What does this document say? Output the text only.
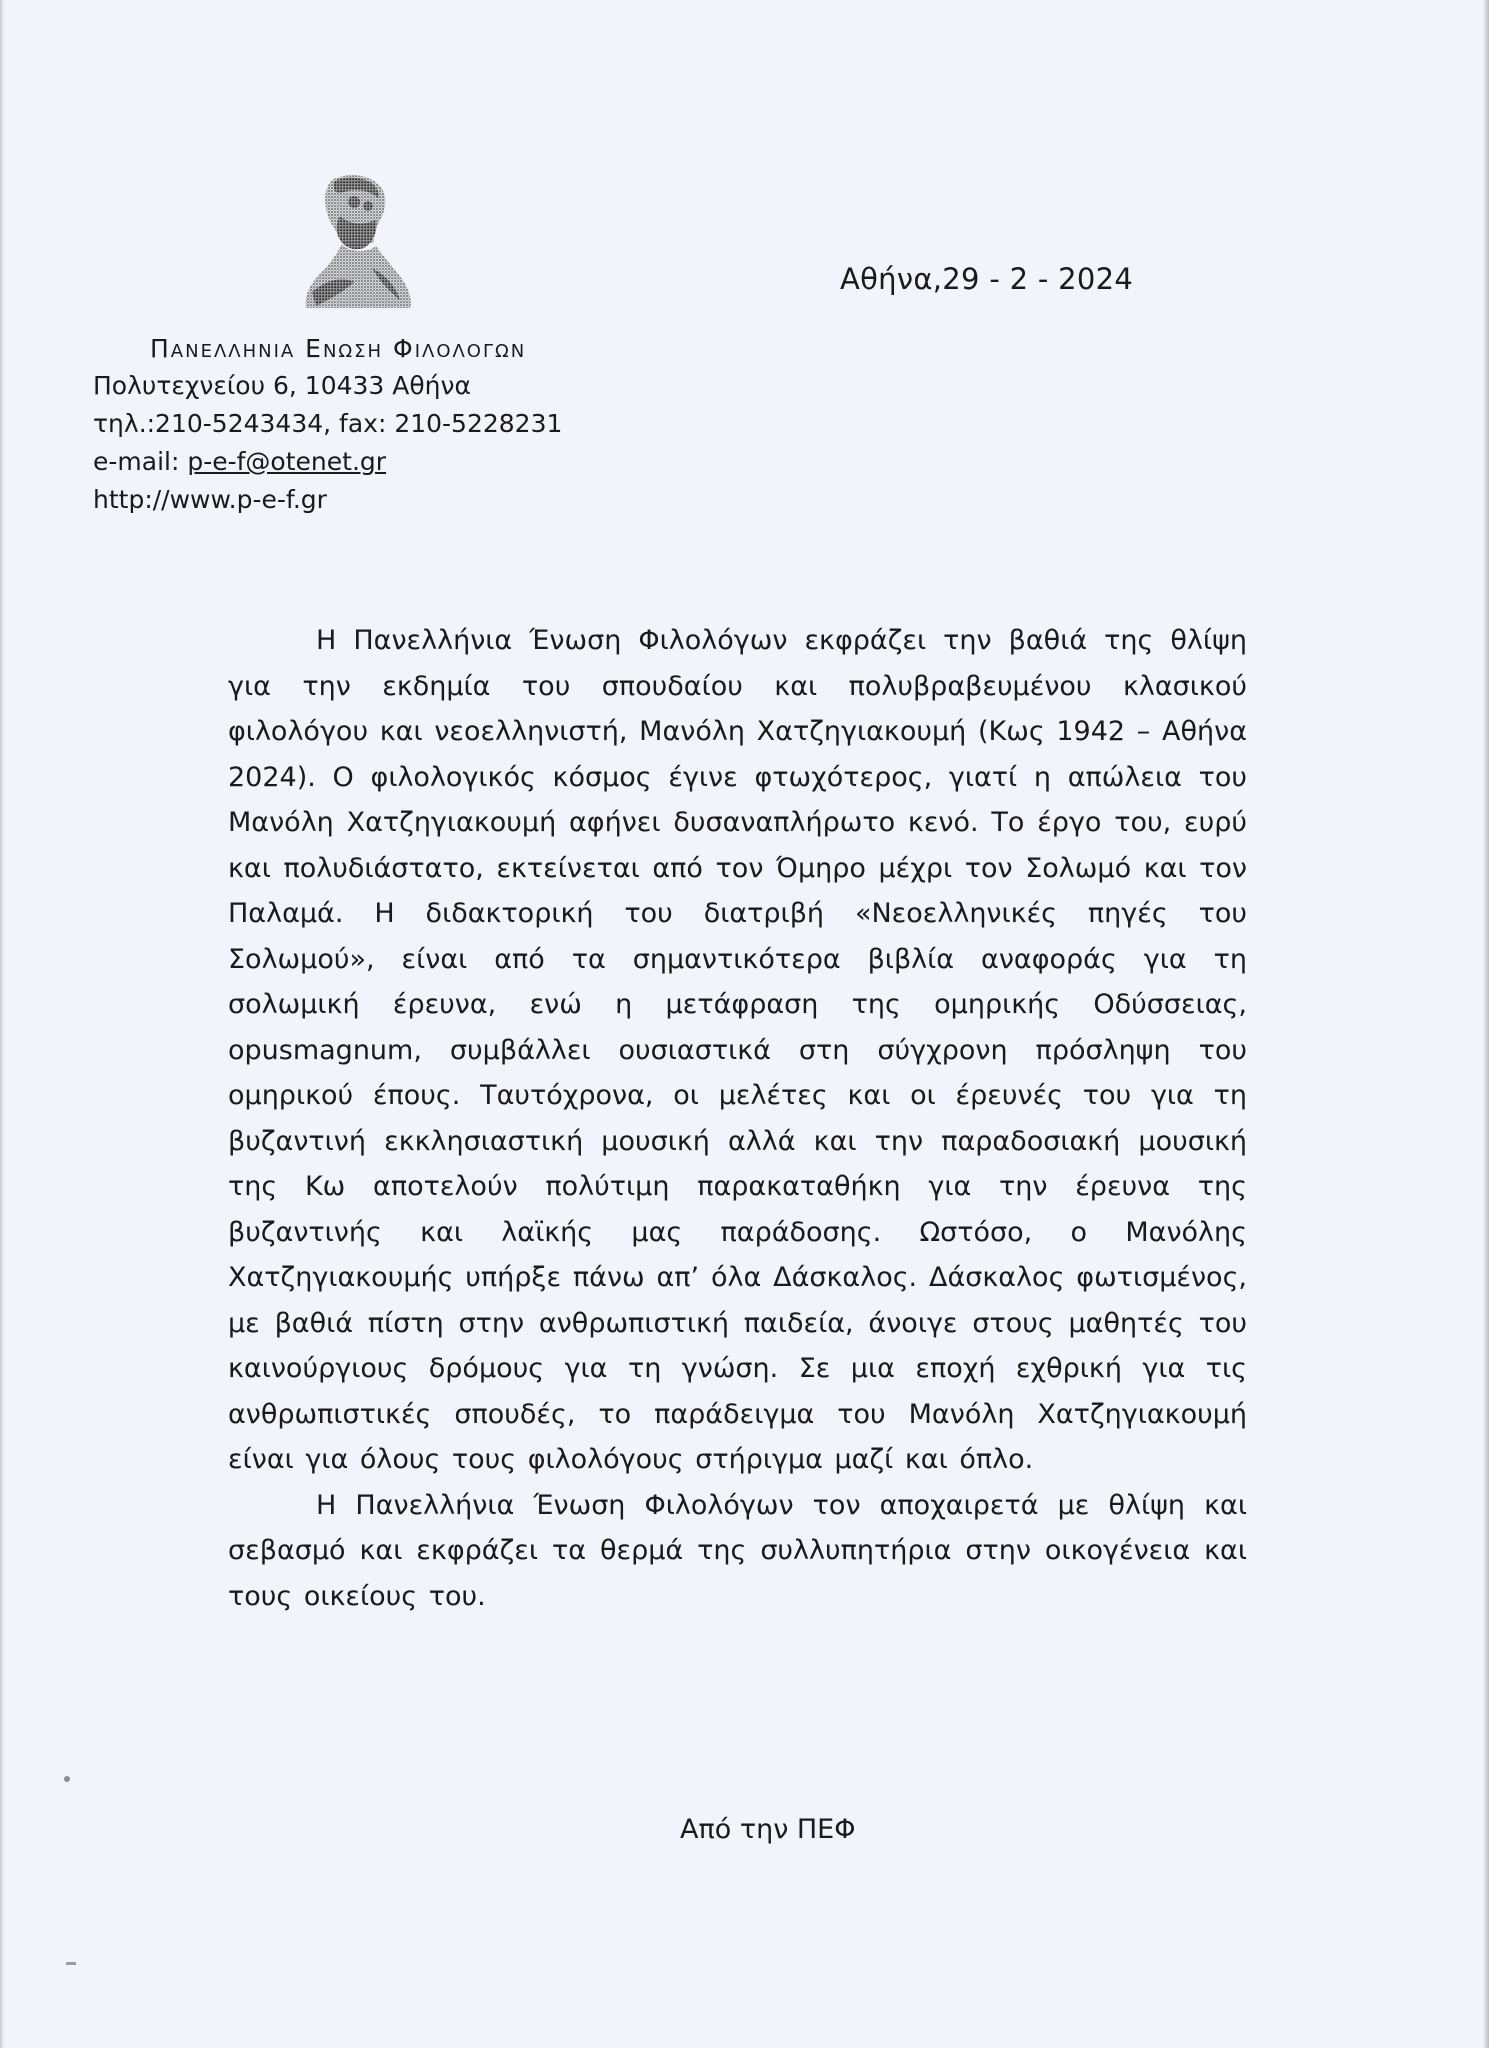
Αθήνα,29 - 2 - 2024
Πανελληνια Ενωση Φιλολογων
Πολυτεχνείου 6, 10433 Αθήνα
τηλ.:210-5243434, fax: 210-5228231
e-mail: p-e-f@otenet.gr
http://www.p-e-f.gr

Η Πανελλήνια Ένωση Φιλολόγων εκφράζει την βαθιά της θλίψη για την εκδημία του σπουδαίου και πολυβραβευμένου κλασικού φιλολόγου και νεοελληνιστή, Μανόλη Χατζηγιακουμή (Κως 1942 – Αθήνα 2024). Ο φιλολογικός κόσμος έγινε φτωχότερος, γιατί η απώλεια του Μανόλη Χατζηγιακουμή αφήνει δυσαναπλήρωτο κενό. Το έργο του, ευρύ και πολυδιάστατο, εκτείνεται από τον Όμηρο μέχρι τον Σολωμό και τον Παλαμά. Η διδακτορική του διατριβή «Νεοελληνικές πηγές του Σολωμού», είναι από τα σημαντικότερα βιβλία αναφοράς για τη σολωμική έρευνα, ενώ η μετάφραση της ομηρικής Οδύσσειας, opusmagnum, συμβάλλει ουσιαστικά στη σύγχρονη πρόσληψη του ομηρικού έπους. Ταυτόχρονα, οι μελέτες και οι έρευνές του για τη βυζαντινή εκκλησιαστική μουσική αλλά και την παραδοσιακή μουσική της Κω αποτελούν πολύτιμη παρακαταθήκη για την έρευνα της βυζαντινής και λαϊκής μας παράδοσης. Ωστόσο, ο Μανόλης Χατζηγιακουμής υπήρξε πάνω απ’ όλα Δάσκαλος. Δάσκαλος φωτισμένος, με βαθιά πίστη στην ανθρωπιστική παιδεία, άνοιγε στους μαθητές του καινούργιους δρόμους για τη γνώση. Σε μια εποχή εχθρική για τις ανθρωπιστικές σπουδές, το παράδειγμα του Μανόλη Χατζηγιακουμή είναι για όλους τους φιλολόγους στήριγμα μαζί και όπλο.

Η Πανελλήνια Ένωση Φιλολόγων τον αποχαιρετά με θλίψη και σεβασμό και εκφράζει τα θερμά της συλλυπητήρια στην οικογένεια και τους οικείους του.

Από την ΠΕΦ
